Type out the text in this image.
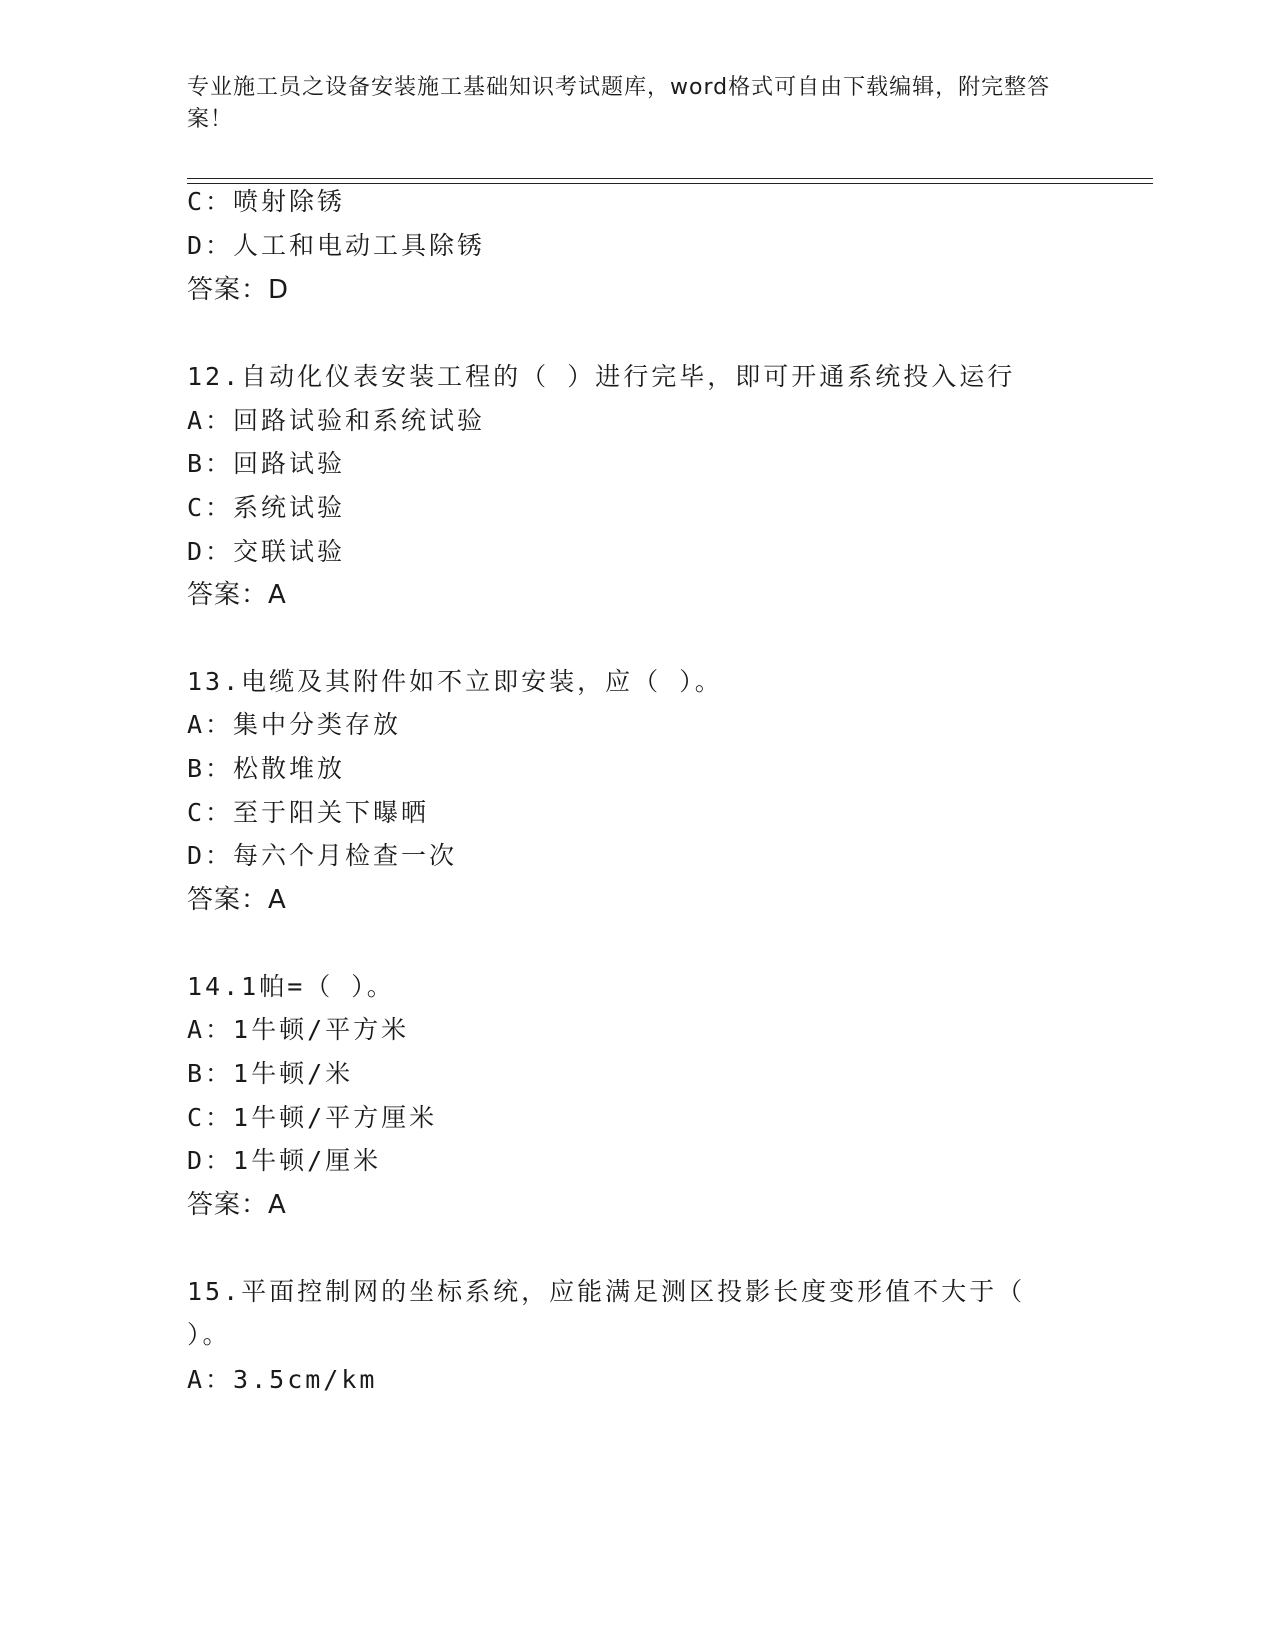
专业施工员之设备安装施工基础知识考试题库，word格式可自由下载编辑，附完整答案！
C：喷射除锈
D：人工和电动工具除锈
答案：D
12.自动化仪表安装工程的（ ）进行完毕，即可开通系统投入运行
A：回路试验和系统试验
B：回路试验
C：系统试验
D：交联试验
答案：A
13.电缆及其附件如不立即安装，应（ ）。
A：集中分类存放
B：松散堆放
C：至于阳关下曝晒
D：每六个月检查一次
答案：A
14.1帕=（ ）。
A：1牛顿/平方米
B：1牛顿/米
C：1牛顿/平方厘米
D：1牛顿/厘米
答案：A
15.平面控制网的坐标系统，应能满足测区投影长度变形值不大于（
）。
A：3.5cm/km
